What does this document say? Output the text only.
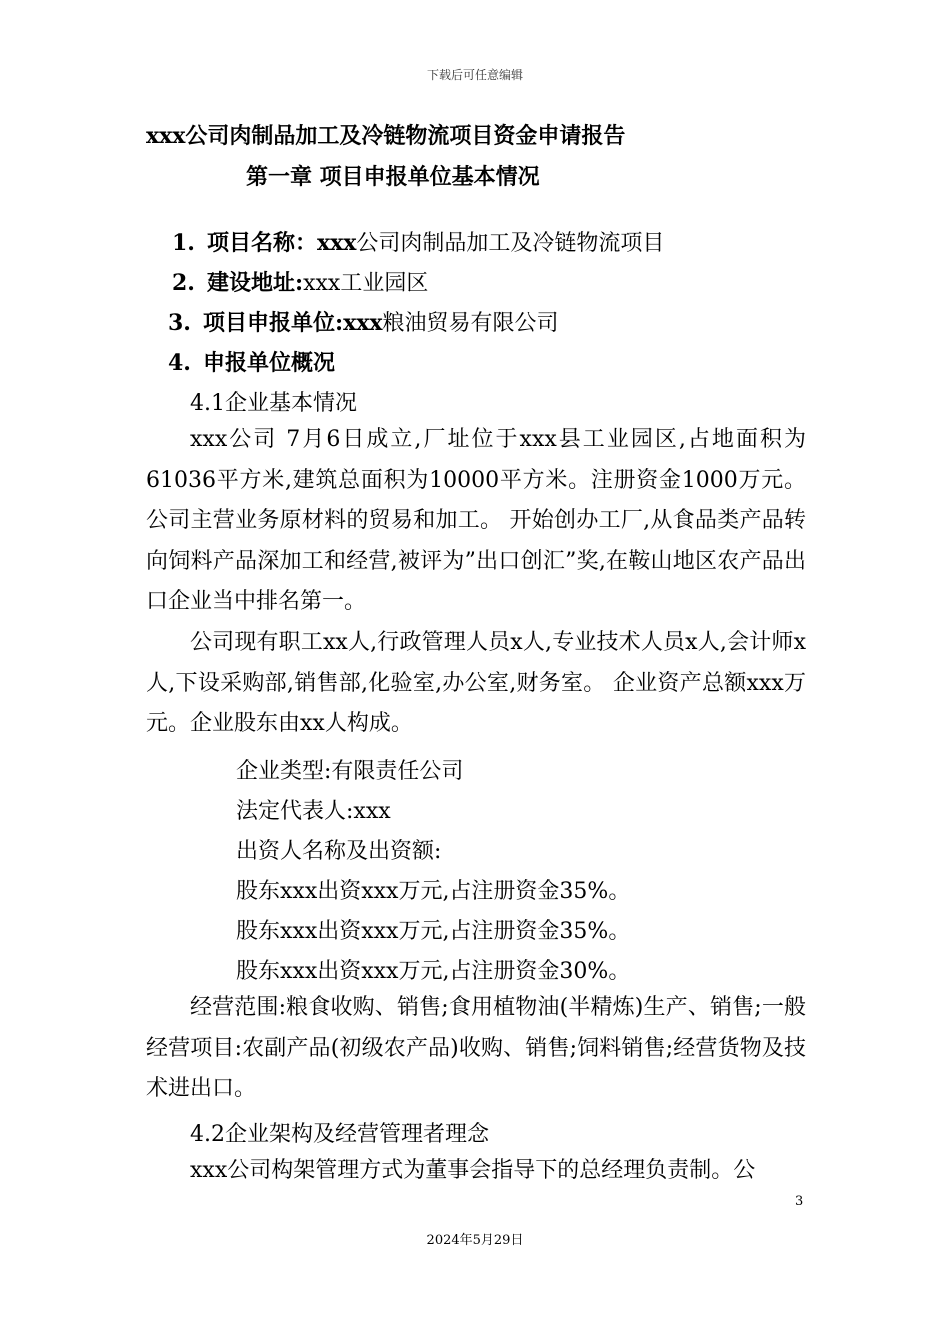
下载后可任意编辑
xxx公司肉制品加工及冷链物流项目资金申请报告
第一章 项目申报单位基本情况
1. 项目名称：xxx公司肉制品加工及冷链物流项目
2. 建设地址:xxx工业园区
3. 项目申报单位:xxx粮油贸易有限公司
4. 申报单位概况
4.1企业基本情况

xxx公司 7月6日成立,厂址位于xxx县工业园区,占地面积为61036平方米,建筑总面积为10000平方米。注册资金1000万元。公司主营业务原材料的贸易和加工。 开始创办工厂,从食品类产品转向饲料产品深加工和经营,被评为”出口创汇”奖,在鞍山地区农产品出口企业当中排名第一。

公司现有职工xx人,行政管理人员x人,专业技术人员x人,会计师x人,下设采购部,销售部,化验室,办公室,财务室。 企业资产总额xxx万元。企业股东由xx人构成。

企业类型:有限责任公司
法定代表人:xxx
出资人名称及出资额:
股东xxx出资xxx万元,占注册资金35%。
股东xxx出资xxx万元,占注册资金35%。
股东xxx出资xxx万元,占注册资金30%。

经营范围:粮食收购、销售;食用植物油(半精炼)生产、销售;一般经营项目:农副产品(初级农产品)收购、销售;饲料销售;经营货物及技术进出口。

4.2企业架构及经营管理者理念

xxx公司构架管理方式为董事会指导下的总经理负责制。公

3
2024年5月29日
